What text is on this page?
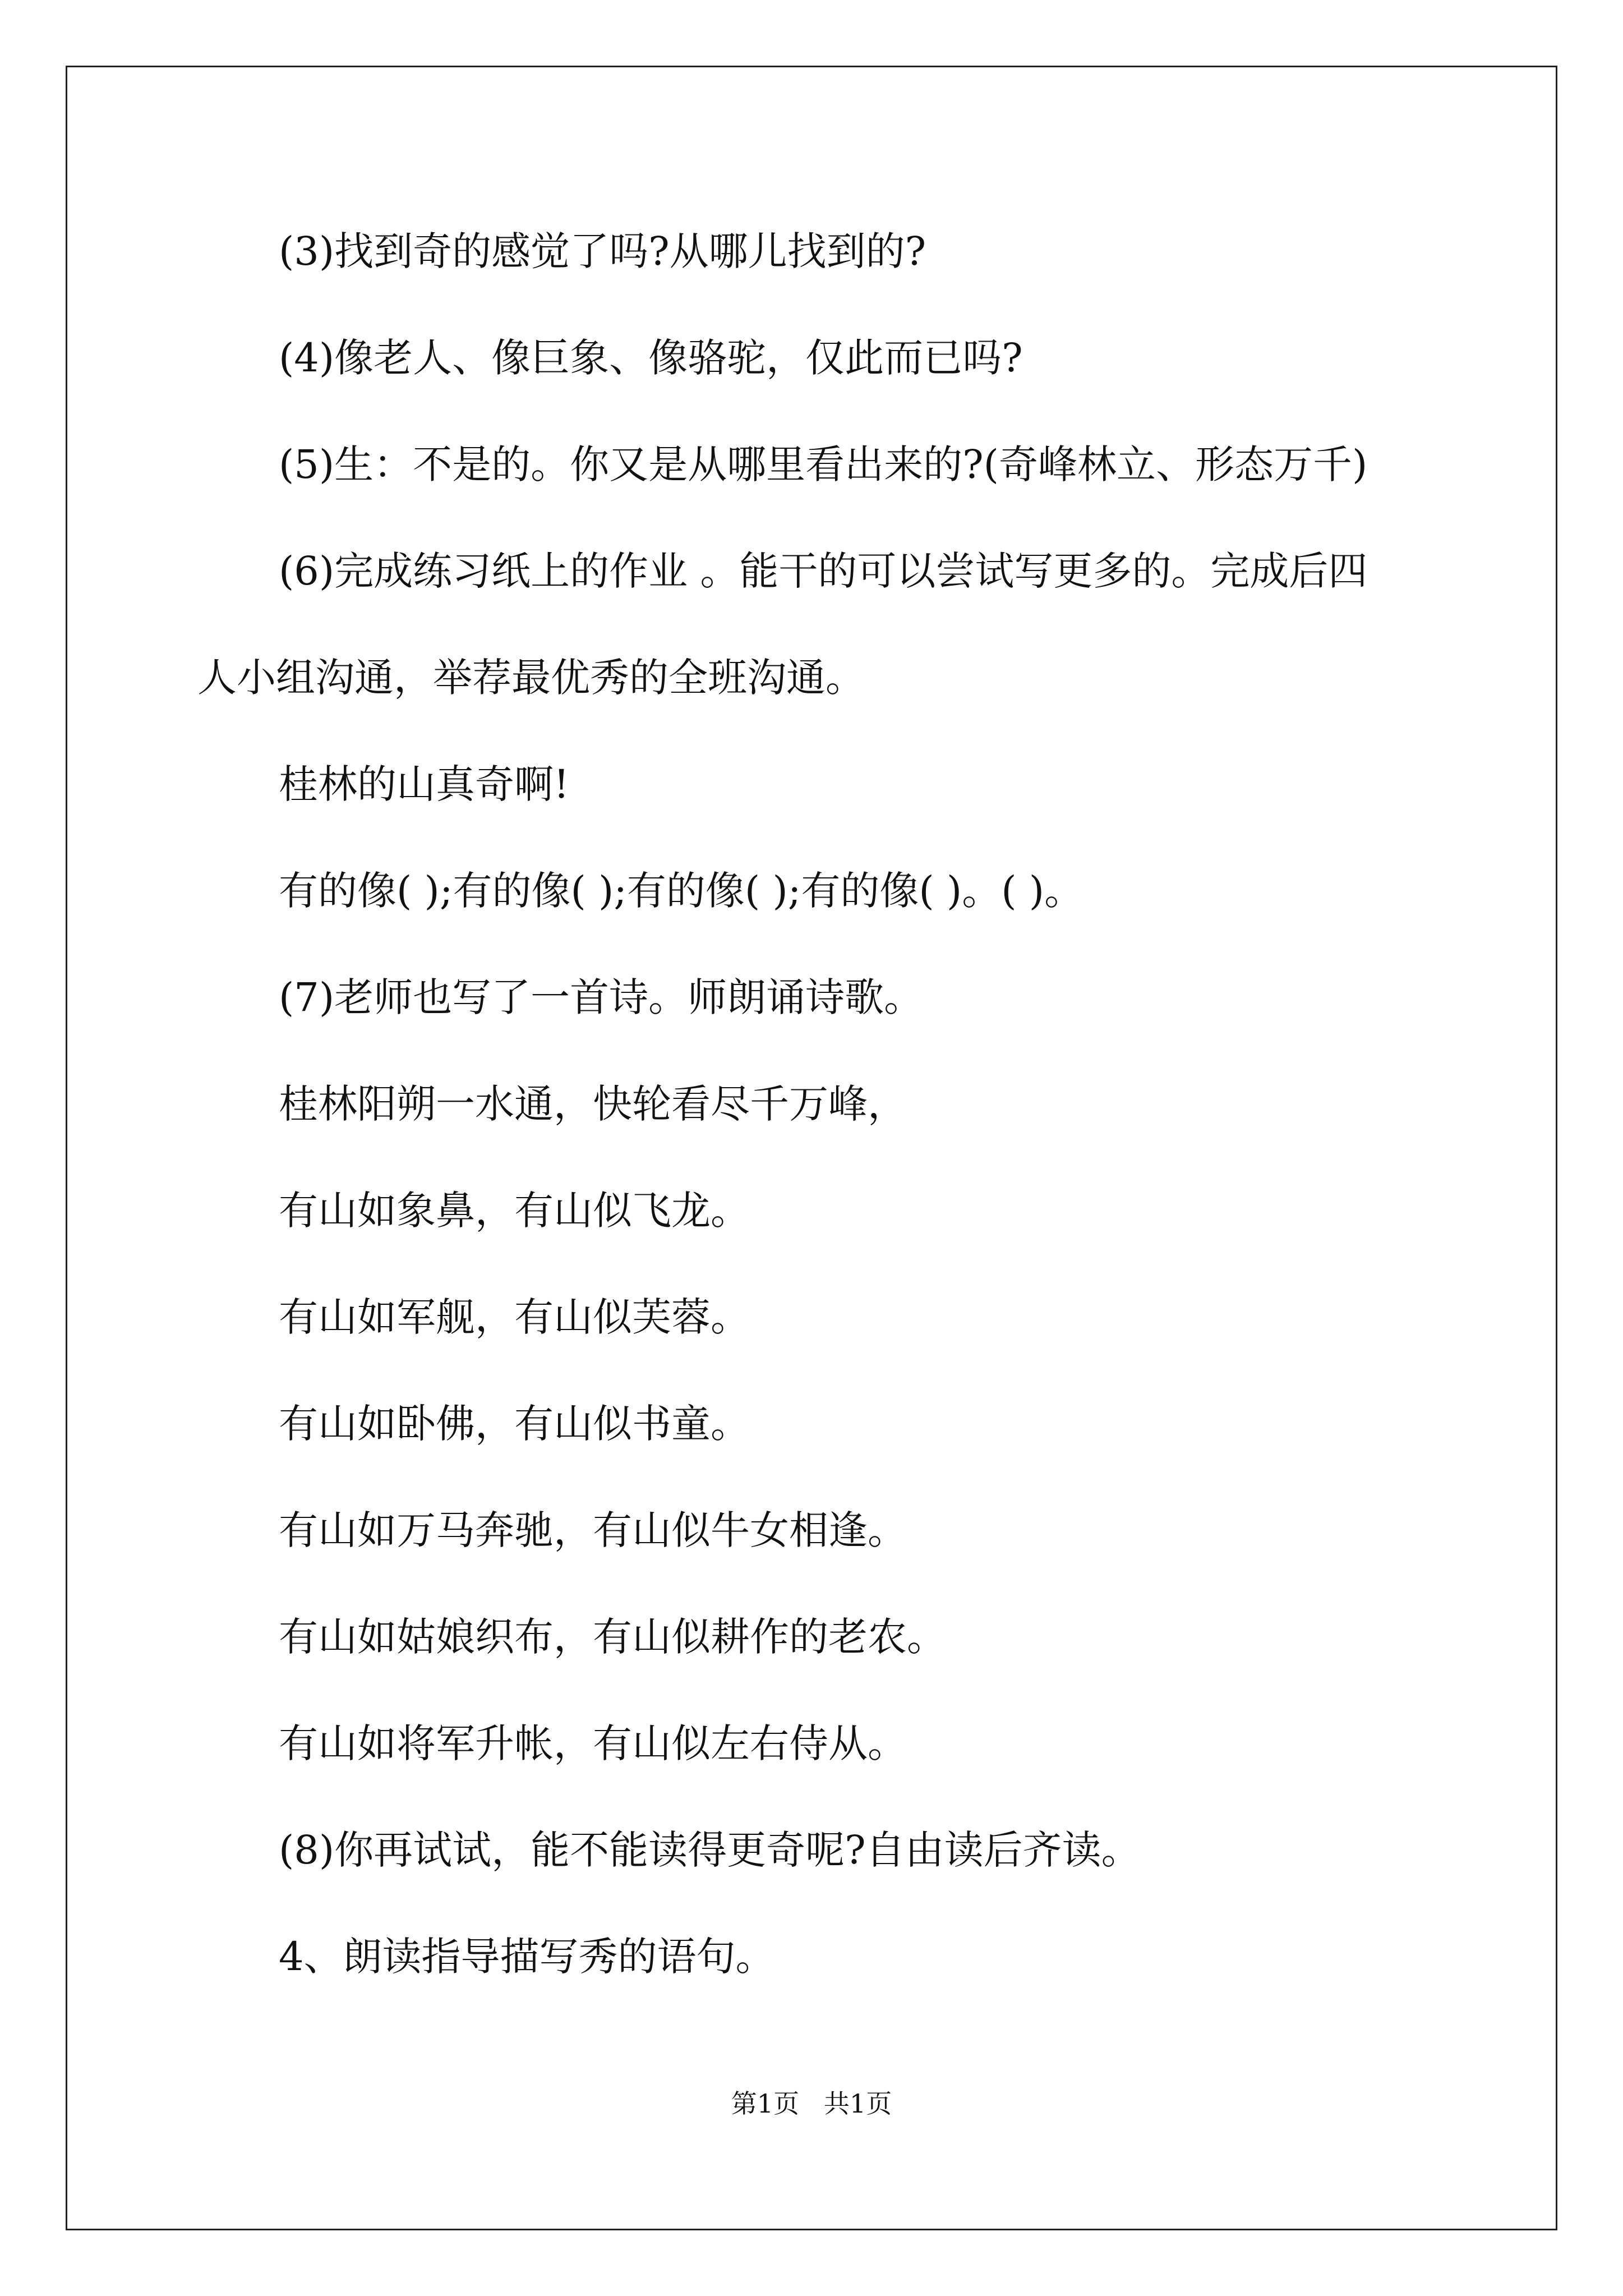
(3)找到奇的感觉了吗?从哪儿找到的?

(4)像老人、像巨象、像骆驼，仅此而已吗?

(5)生：不是的。你又是从哪里看出来的?(奇峰林立、形态万千)

(6)完成练习纸上的作业 。能干的可以尝试写更多的。完成后四

人小组沟通，举荐最优秀的全班沟通。

桂林的山真奇啊!

有的像( );有的像( );有的像( );有的像( )。( )。

(7)老师也写了一首诗。师朗诵诗歌。

桂林阳朔一水通，快轮看尽千万峰，

有山如象鼻，有山似飞龙。

有山如军舰，有山似芙蓉。

有山如卧佛，有山似书童。

有山如万马奔驰，有山似牛女相逢。

有山如姑娘织布，有山似耕作的老农。

有山如将军升帐，有山似左右侍从。

(8)你再试试，能不能读得更奇呢?自由读后齐读。

4、朗读指导描写秀的语句。

第1页   共1页
